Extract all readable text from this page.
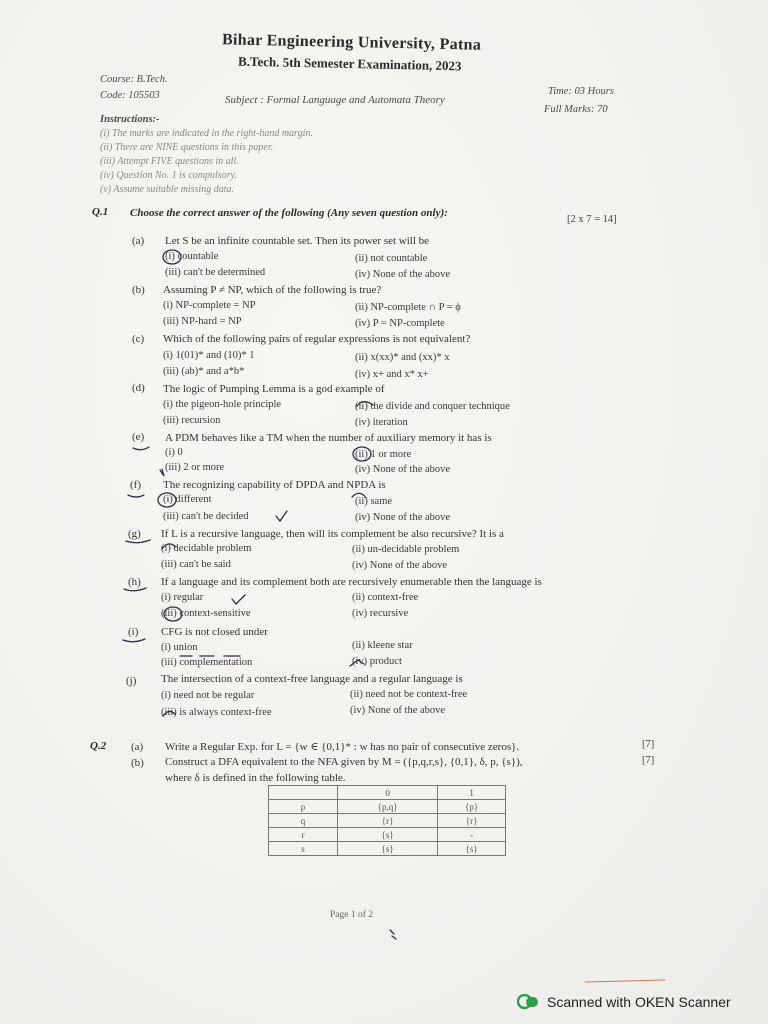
Bihar Engineering University, Patna
B.Tech. 5th Semester Examination, 2023
Course: B.Tech.
Code: 105503	Subject : Formal Language and Automata Theory
Time: 03 Hours
Full Marks: 70
Instructions:-
(i) The marks are indicated in the right-hand margin.
(ii) There are NINE questions in this paper.
(iii) Attempt FIVE questions in all.
(iv) Question No. 1 is compulsory.
(v) Assume suitable missing data.
Q.1 Choose the correct answer of the following (Any seven question only):
[2 x 7 = 14]
(a) Let S be an infinite countable set. Then its power set will be
(i) countable	(ii) not countable
(iii) can't be determined	(iv) None of the above
(b) Assuming P ≠ NP, which of the following is true?
(i) NP-complete = NP	(ii) NP-complete ∩ P = ϕ
(iii) NP-hard = NP	(iv) P = NP-complete
(c) Which of the following pairs of regular expressions is not equivalent?
(i) 1(01)* and (10)* 1	(ii) x(xx)* and (xx)* x
(iii) (ab)* and a*b*	(iv) x+ and x* x+
(d) The logic of Pumping Lemma is a god example of
(i) the pigeon-hole principle	(ii) the divide and conquer technique
(iii) recursion	(iv) iteration
(e) A PDM behaves like a TM when the number of auxiliary memory it has is
(i) 0	(ii) 1 or more
(iii) 2 or more	(iv) None of the above
(f) The recognizing capability of DPDA and NPDA is
(i) different	(ii) same
(iii) can't be decided	(iv) None of the above
(g) If L is a recursive language, then will its complement be also recursive? It is a
(i) decidable problem	(ii) un-decidable problem
(iii) can't be said	(iv) None of the above
(h) If a language and its complement both are recursively enumerable then the language is
(i) regular	(ii) context-free
(iii) context-sensitive	(iv) recursive
(i) CFG is not closed under
(i) union	(ii) kleene star
(iii) complementation	(iv) product
(j) The intersection of a context-free language and a regular language is
(i) need not be regular	(ii) need not be context-free
(iii) is always context-free	(iv) None of the above
Q.2 (a) Write a Regular Exp. for L = {w ∈ {0,1}* : w has no pair of consecutive zeros}.	[7]
(b) Construct a DFA equivalent to the NFA given by M = ({p,q,r,s}, {0,1}, δ, p, {s}),	[7]
where δ is defined in the following table.
	0	1
p	{p,q}	{p}
q	{r}	{r}
r	{s}	-
s	{s}	{s}
Page 1 of 2
Scanned with OKEN Scanner
